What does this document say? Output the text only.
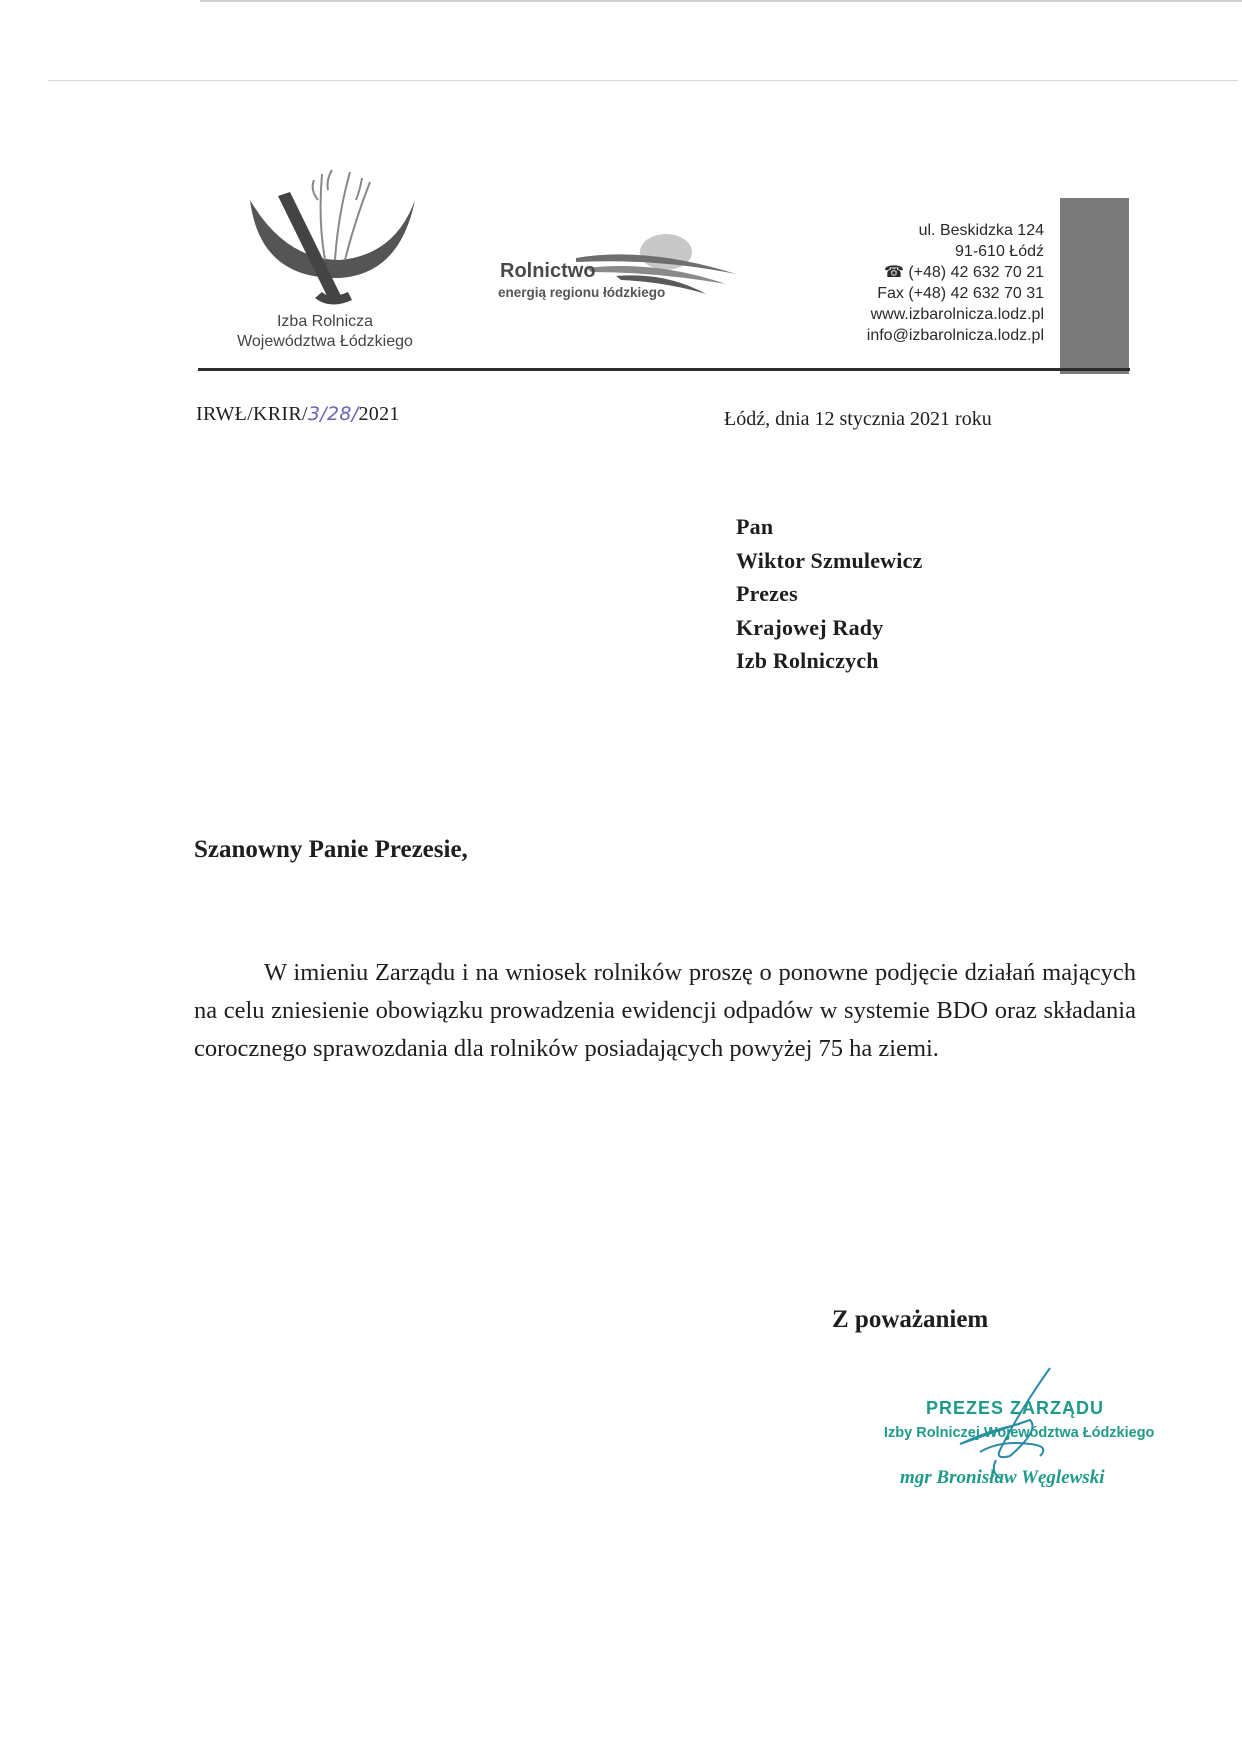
Izba Rolnicza
Województwa Łódzkiego
Rolnictwo
energią regionu łódzkiego
ul. Beskidzka 124
91-610 Łódź
☎ (+48) 42 632 70 21
Fax (+48) 42 632 70 31
www.izbarolnicza.lodz.pl
info@izbarolnicza.lodz.pl
IRWŁ/KRIR/3/28/2021	Łódź, dnia 12 stycznia 2021 roku
Pan
Wiktor Szmulewicz
Prezes
Krajowej Rady
Izb Rolniczych
Szanowny Panie Prezesie,

W imieniu Zarządu i na wniosek rolników proszę o ponowne podjęcie działań mających na celu zniesienie obowiązku prowadzenia ewidencji odpadów w systemie BDO oraz składania corocznego sprawozdania dla rolników posiadających powyżej 75 ha ziemi.

Z poważaniem
PREZES ZARZĄDU
Izby Rolniczej Województwa Łódzkiego
mgr Bronisław Węglewski
